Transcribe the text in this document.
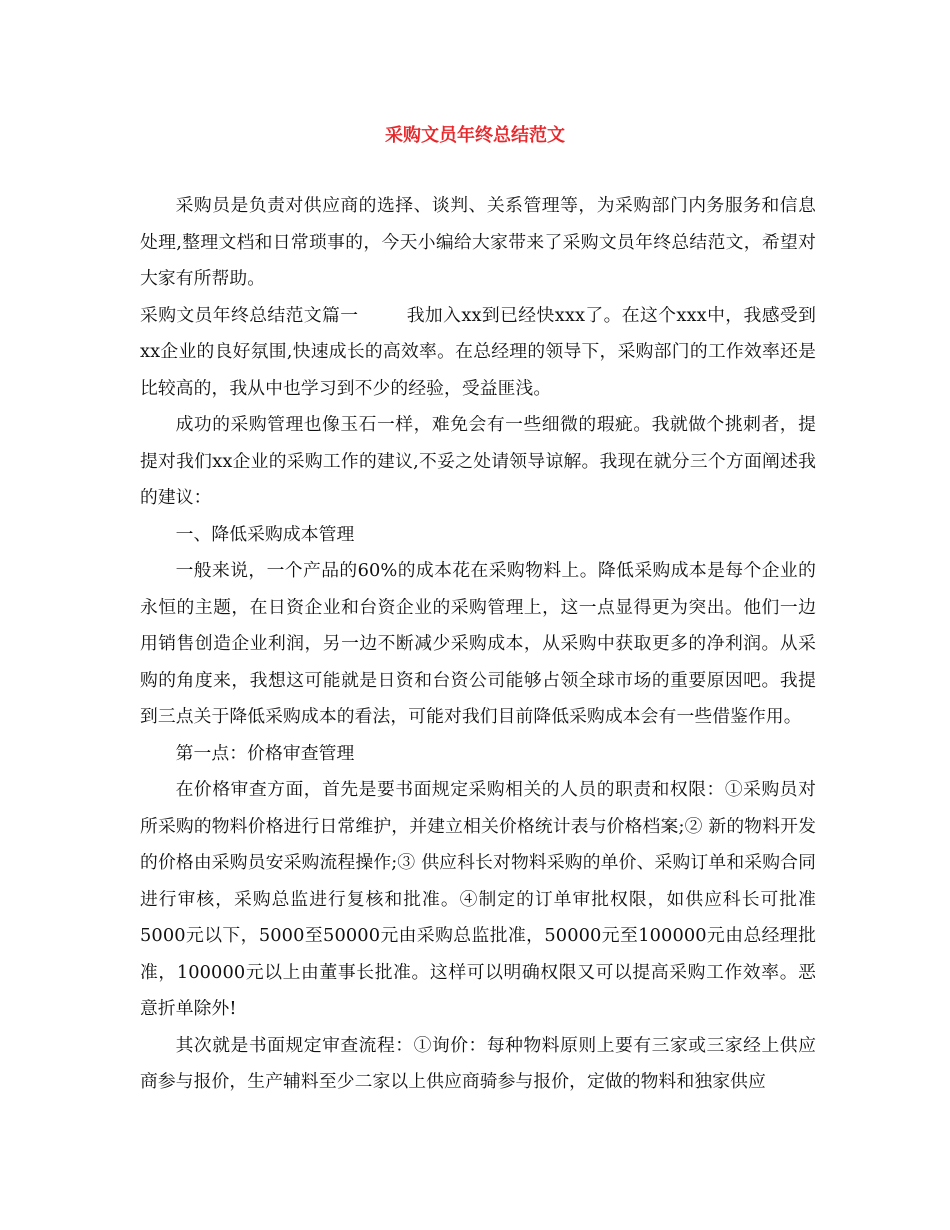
采购文员年终总结范文

采购员是负责对供应商的选择、谈判、关系管理等，为采购部门内务服务和信息处理,整理文档和日常琐事的，今天小编给大家带来了采购文员年终总结范文，希望对大家有所帮助。

采购文员年终总结范文篇一	我加入xx到已经快xxx了。在这个xxx中，我感受到xx企业的良好氛围,快速成长的高效率。在总经理的领导下，采购部门的工作效率还是比较高的，我从中也学习到不少的经验，受益匪浅。

成功的采购管理也像玉石一样，难免会有一些细微的瑕疵。我就做个挑刺者，提提对我们xx企业的采购工作的建议,不妥之处请领导谅解。我现在就分三个方面阐述我的建议：

一、降低采购成本管理

一般来说，一个产品的60%的成本花在采购物料上。降低采购成本是每个企业的永恒的主题，在日资企业和台资企业的采购管理上，这一点显得更为突出。他们一边用销售创造企业利润，另一边不断减少采购成本，从采购中获取更多的净利润。从采购的角度来，我想这可能就是日资和台资公司能够占领全球市场的重要原因吧。我提到三点关于降低采购成本的看法，可能对我们目前降低采购成本会有一些借鉴作用。

第一点：价格审查管理

在价格审查方面，首先是要书面规定采购相关的人员的职责和权限：①采购员对所采购的物料价格进行日常维护，并建立相关价格统计表与价格档案;② 新的物料开发的价格由采购员安采购流程操作;③ 供应科长对物料采购的单价、采购订单和采购合同进行审核，采购总监进行复核和批准。④制定的订单审批权限，如供应科长可批准5000元以下，5000至50000元由采购总监批准，50000元至100000元由总经理批准，100000元以上由董事长批准。这样可以明确权限又可以提高采购工作效率。恶意折单除外!

其次就是书面规定审查流程：①询价：每种物料原则上要有三家或三家经上供应商参与报价，生产辅料至少二家以上供应商骑参与报价，定做的物料和独家供应
